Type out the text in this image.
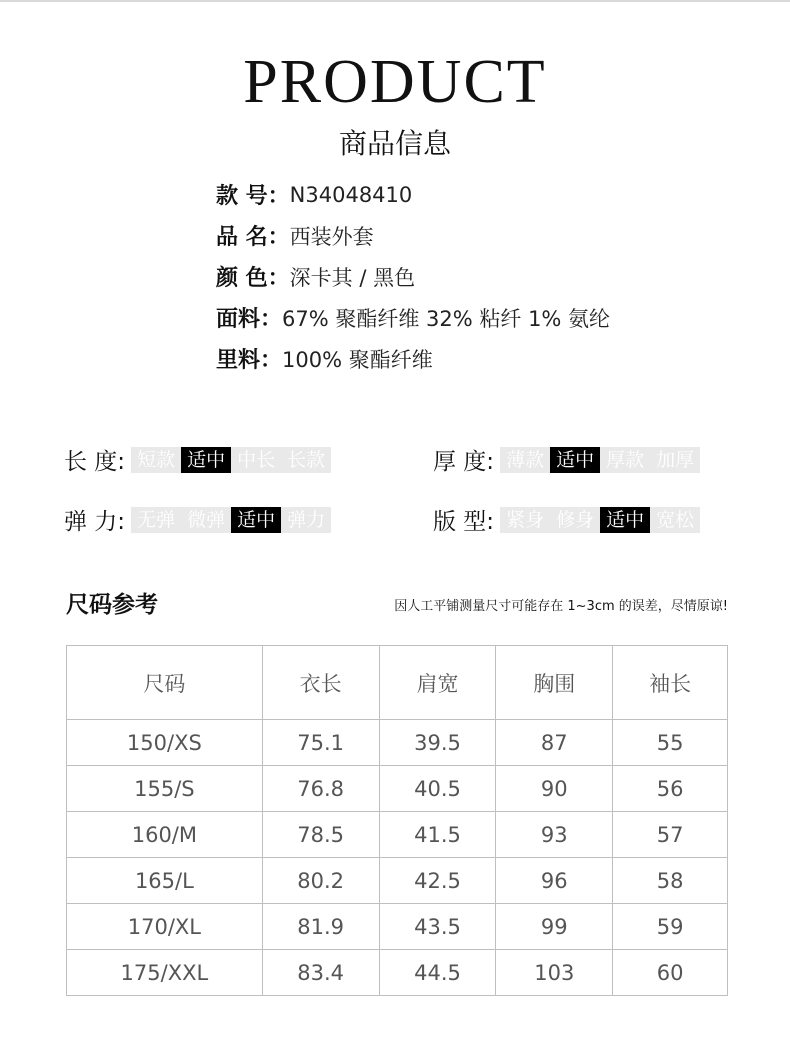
PRODUCT
商品信息
款 号： N34048410
品 名： 西装外套
颜 色： 深卡其 / 黑色
面料： 67% 聚酯纤维 32% 粘纤 1% 氨纶
里料： 100% 聚酯纤维
长 度: 短款 适中 中长 长款	厚 度: 薄款 适中 厚款 加厚
弹 力: 无弹 微弹 适中 弹力	版 型: 紧身 修身 适中 宽松
尺码参考	因人工平铺测量尺寸可能存在 1~3cm 的误差，尽情原谅!
尺码	衣长	肩宽	胸围	袖长
150/XS	75.1	39.5	87	55
155/S	76.8	40.5	90	56
160/M	78.5	41.5	93	57
165/L	80.2	42.5	96	58
170/XL	81.9	43.5	99	59
175/XXL	83.4	44.5	103	60
